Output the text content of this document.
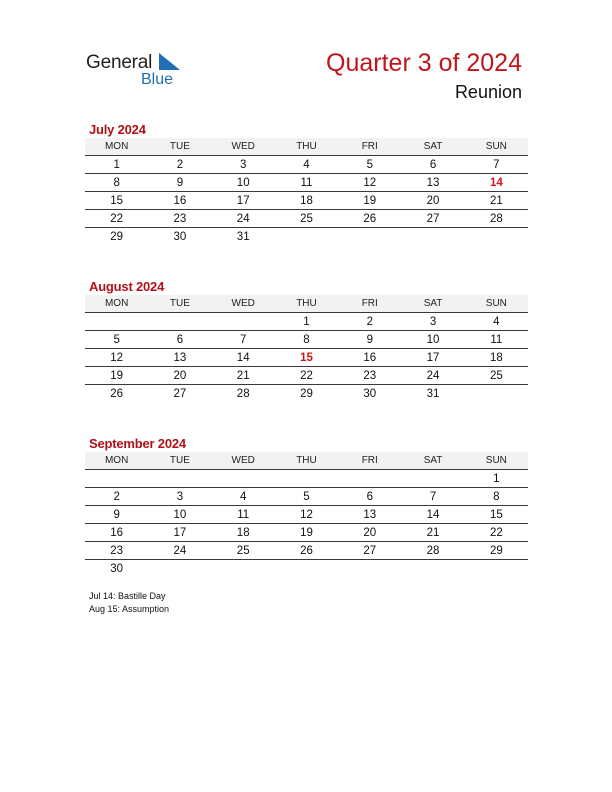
General
Blue
Quarter 3 of 2024
Reunion
July 2024
MON	TUE	WED	THU	FRI	SAT	SUN
1	2	3	4	5	6	7
8	9	10	11	12	13	14
15	16	17	18	19	20	21
22	23	24	25	26	27	28
29	30	31				
August 2024
MON	TUE	WED	THU	FRI	SAT	SUN
			1	2	3	4
5	6	7	8	9	10	11
12	13	14	15	16	17	18
19	20	21	22	23	24	25
26	27	28	29	30	31	
September 2024
MON	TUE	WED	THU	FRI	SAT	SUN
						1
2	3	4	5	6	7	8
9	10	11	12	13	14	15
16	17	18	19	20	21	22
23	24	25	26	27	28	29
30						
Jul 14: Bastille Day
Aug 15: Assumption
